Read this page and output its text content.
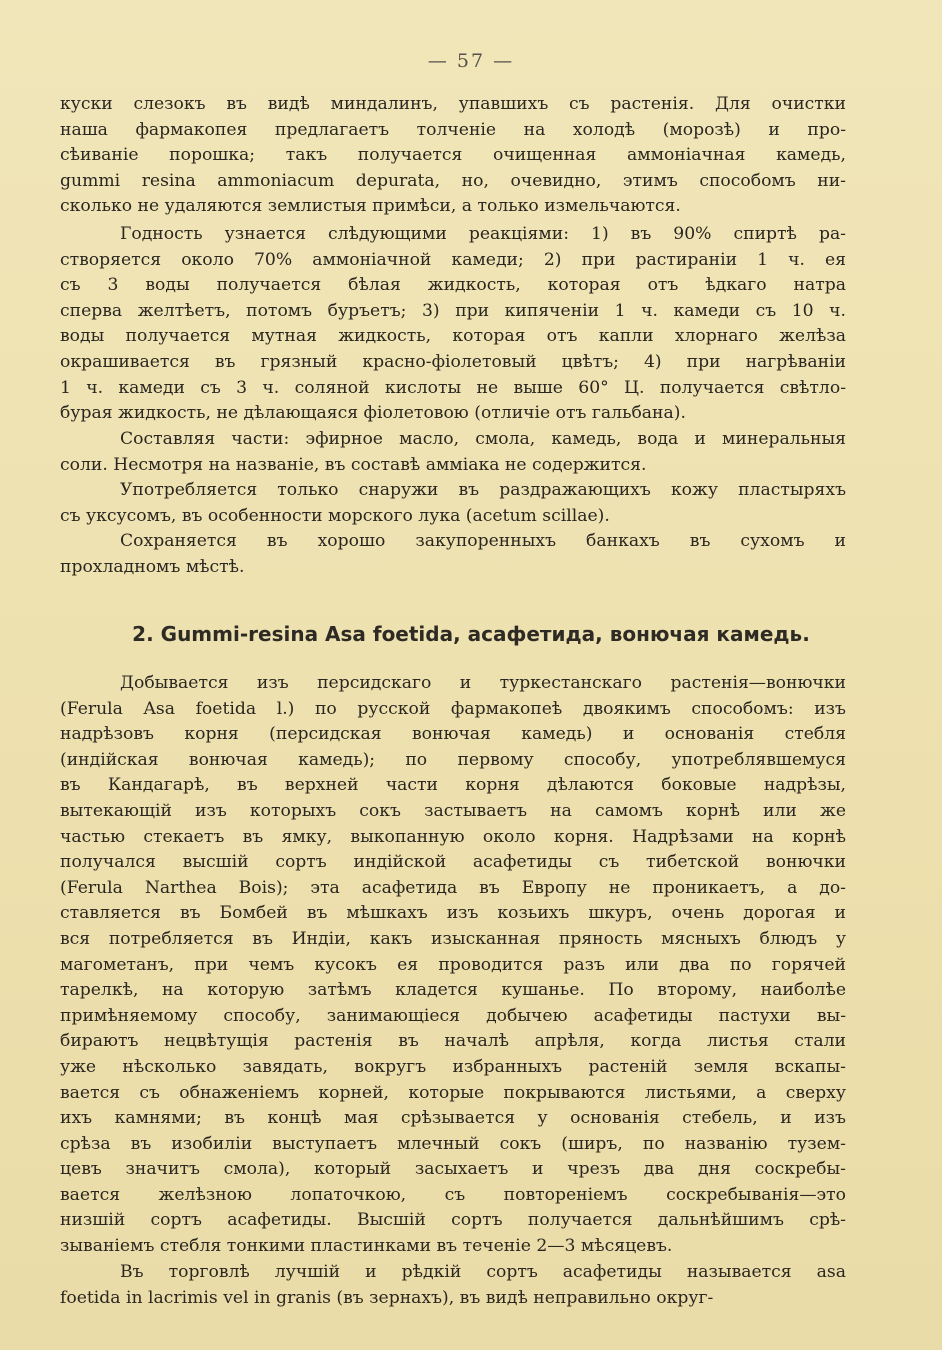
— 57 —
куски слезокъ въ видѣ миндалинъ, упавшихъ съ растенія. Для очистки
наша фармакопея предлагаетъ толченіе на холодѣ (морозѣ) и про-
сѣиваніе порошка; такъ получается очищенная аммоніачная камедь,
gummi resina ammoniacum depurata, но, очевидно, этимъ способомъ ни-
сколько не удаляются землистыя примѣси, а только измельчаются.
Годность узнается слѣдующими реакціями: 1) въ 90% спиртѣ ра-
створяется около 70% аммоніачной камеди; 2) при растираніи 1 ч. ея
съ 3 воды получается бѣлая жидкость, которая отъ ѣдкаго натра
сперва желтѣетъ, потомъ буръетъ; 3) при кипяченіи 1 ч. камеди съ 10 ч.
воды получается мутная жидкость, которая отъ капли хлорнаго желѣза
окрашивается въ грязный красно-фіолетовый цвѣтъ; 4) при нагрѣваніи
1 ч. камеди съ 3 ч. соляной кислоты не выше 60° Ц. получается свѣтло-
бурая жидкость, не дѣлающаяся фіолетовою (отличіе отъ гальбана).
Составляя части: эфирное масло, смола, камедь, вода и минеральныя
соли. Несмотря на названіе, въ составѣ амміака не содержится.
Употребляется только снаружи въ раздражающихъ кожу пластыряхъ
съ уксусомъ, въ особенности морского лука (acetum scillae).
Сохраняется въ хорошо закупоренныхъ банкахъ въ сухомъ и
прохладномъ мѣстѣ.
2. Gummi-resina Asa foetida, асафетида, вонючая камедь.
Добывается изъ персидскаго и туркестанскаго растенія—вонючки
(Ferula Asa foetida l.) по русской фармакопеѣ двоякимъ способомъ: изъ
надрѣзовъ корня (персидская вонючая камедь) и основанія стебля
(индійская вонючая камедь); по первому способу, употреблявшемуся
въ Кандагарѣ, въ верхней части корня дѣлаются боковые надрѣзы,
вытекающій изъ которыхъ сокъ застываетъ на самомъ корнѣ или же
частью стекаетъ въ ямку, выкопанную около корня. Надрѣзами на корнѣ
получался высшій сортъ индійской асафетиды съ тибетской вонючки
(Ferula Narthea Bois); эта асафетида въ Европу не проникаетъ, а до-
ставляется въ Бомбей въ мѣшкахъ изъ козьихъ шкуръ, очень дорогая и
вся потребляется въ Индіи, какъ изысканная пряность мясныхъ блюдъ у
магометанъ, при чемъ кусокъ ея проводится разъ или два по горячей
тарелкѣ, на которую затѣмъ кладется кушанье. По второму, наиболѣе
примѣняемому способу, занимающіеся добычею асафетиды пастухи вы-
бираютъ нецвѣтущія растенія въ началѣ апрѣля, когда листья стали
уже нѣсколько завядать, вокругъ избранныхъ растеній земля вскапы-
вается съ обнаженіемъ корней, которые покрываются листьями, а сверху
ихъ камнями; въ концѣ мая срѣзывается у основанія стебель, и изъ
срѣза въ изобиліи выступаетъ млечный сокъ (ширъ, по названію тузем-
цевъ значитъ смола), который засыхаетъ и чрезъ два дня соскребы-
вается желѣзною лопаточкою, съ повтореніемъ соскребыванія—это
низшій сортъ асафетиды. Высшій сортъ получается дальнѣйшимъ срѣ-
зываніемъ стебля тонкими пластинками въ теченіе 2—3 мѣсяцевъ.
Въ торговлѣ лучшій и рѣдкій сортъ асафетиды называется asa
foetida in lacrimis vel in granis (въ зернахъ), въ видѣ неправильно округ-
